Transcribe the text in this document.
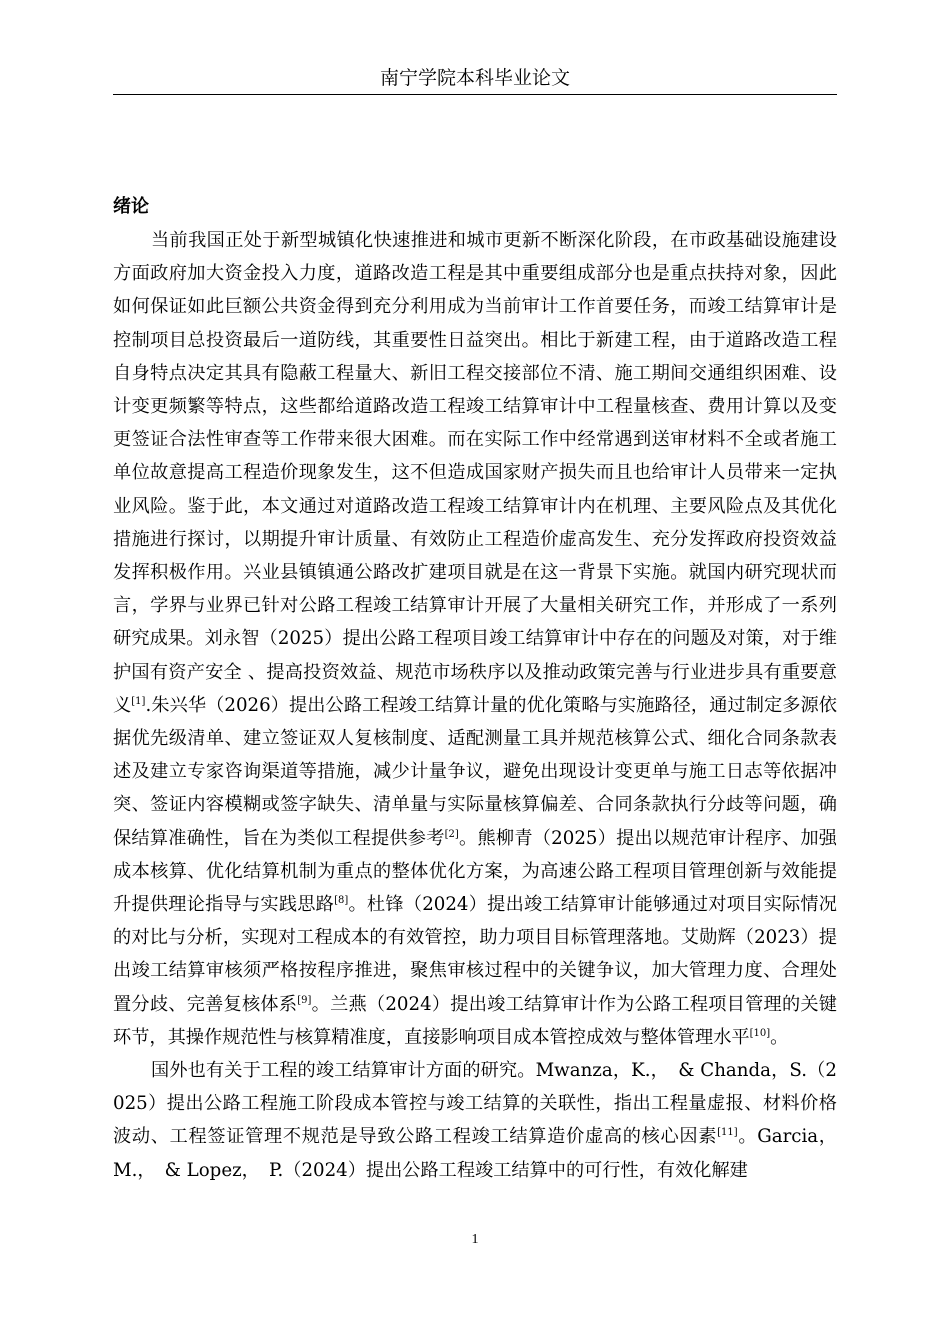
南宁学院本科毕业论文
绪论

当前我国正处于新型城镇化快速推进和城市更新不断深化阶段，在市政基础设施建设方面政府加大资金投入力度，道路改造工程是其中重要组成部分也是重点扶持对象，因此如何保证如此巨额公共资金得到充分利用成为当前审计工作首要任务，而竣工结算审计是控制项目总投资最后一道防线，其重要性日益突出。相比于新建工程，由于道路改造工程自身特点决定其具有隐蔽工程量大、新旧工程交接部位不清、施工期间交通组织困难、设计变更频繁等特点，这些都给道路改造工程竣工结算审计中工程量核查、费用计算以及变更签证合法性审查等工作带来很大困难。而在实际工作中经常遇到送审材料不全或者施工单位故意提高工程造价现象发生，这不但造成国家财产损失而且也给审计人员带来一定执业风险。鉴于此，本文通过对道路改造工程竣工结算审计内在机理、主要风险点及其优化措施进行探讨，以期提升审计质量、有效防止工程造价虚高发生、充分发挥政府投资效益发挥积极作用。兴业县镇镇通公路改扩建项目就是在这一背景下实施。就国内研究现状而言，学界与业界已针对公路工程竣工结算审计开展了大量相关研究工作，并形成了一系列研究成果。刘永智（2025）提出公路工程项目竣工结算审计中存在的问题及对策，对于维护国有资产安全 、提高投资效益、规范市场秩序以及推动政策完善与行业进步具有重要意义[1].朱兴华（2026）提出公路工程竣工结算计量的优化策略与实施路径，通过制定多源依据优先级清单、建立签证双人复核制度、适配测量工具并规范核算公式、细化合同条款表述及建立专家咨询渠道等措施，减少计量争议，避免出现设计变更单与施工日志等依据冲突、签证内容模糊或签字缺失、清单量与实际量核算偏差、合同条款执行分歧等问题，确保结算准确性，旨在为类似工程提供参考[2]。熊柳青（2025）提出以规范审计程序、加强成本核算、优化结算机制为重点的整体优化方案，为高速公路工程项目管理创新与效能提升提供理论指导与实践思路[8]。杜锋（2024）提出竣工结算审计能够通过对项目实际情况的对比与分析，实现对工程成本的有效管控，助力项目目标管理落地。艾勋辉（2023）提出竣工结算审核须严格按程序推进，聚焦审核过程中的关键争议，加大管理力度、合理处置分歧、完善复核体系[9]。兰燕（2024）提出竣工结算审计作为公路工程项目管理的关键环节，其操作规范性与核算精准度，直接影响项目成本管控成效与整体管理水平[10]。

国外也有关于工程的竣工结算审计方面的研究。Mwanza，K.，　& Chanda，S.（2025）提出公路工程施工阶段成本管控与竣工结算的关联性，指出工程量虚报、材料价格波动、工程签证管理不规范是导致公路工程竣工结算造价虚高的核心因素[11]。Garcia，M.，　& Lopez，　P.（2024）提出公路工程竣工结算中的可行性，有效化解建

1
